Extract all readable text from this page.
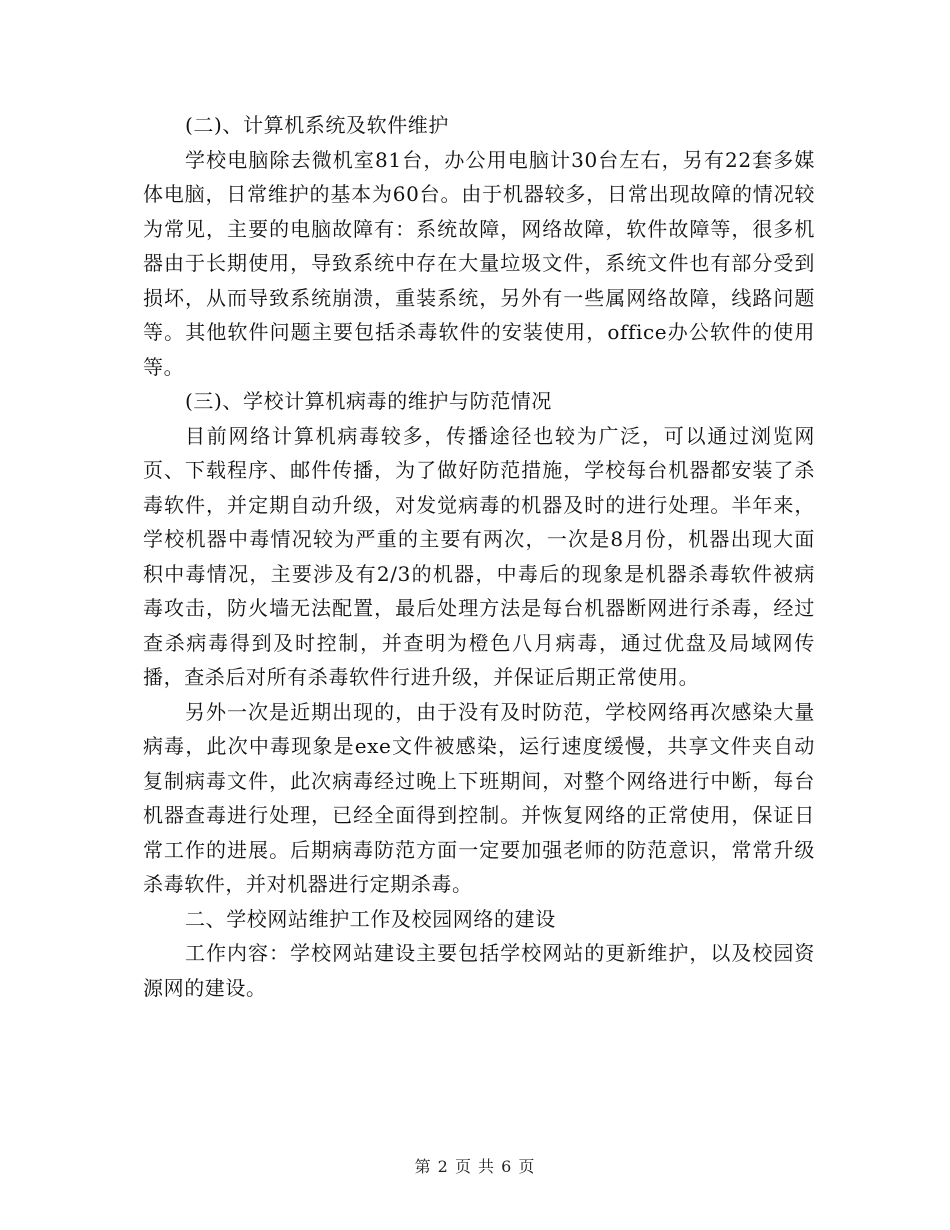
(二)、计算机系统及软件维护

学校电脑除去微机室81台，办公用电脑计30台左右，另有22套多媒体电脑，日常维护的基本为60台。由于机器较多，日常出现故障的情况较为常见，主要的电脑故障有：系统故障，网络故障，软件故障等，很多机器由于长期使用，导致系统中存在大量垃圾文件，系统文件也有部分受到损坏，从而导致系统崩溃，重装系统，另外有一些属网络故障，线路问题等。其他软件问题主要包括杀毒软件的安装使用，office办公软件的使用等。

(三)、学校计算机病毒的维护与防范情况

目前网络计算机病毒较多，传播途径也较为广泛，可以通过浏览网页、下载程序、邮件传播，为了做好防范措施，学校每台机器都安装了杀毒软件，并定期自动升级，对发觉病毒的机器及时的进行处理。半年来，学校机器中毒情况较为严重的主要有两次，一次是8月份，机器出现大面积中毒情况，主要涉及有2/3的机器，中毒后的现象是机器杀毒软件被病毒攻击，防火墙无法配置，最后处理方法是每台机器断网进行杀毒，经过查杀病毒得到及时控制，并查明为橙色八月病毒，通过优盘及局域网传播，查杀后对所有杀毒软件行进升级，并保证后期正常使用。

另外一次是近期出现的，由于没有及时防范，学校网络再次感染大量病毒，此次中毒现象是exe文件被感染，运行速度缓慢，共享文件夹自动复制病毒文件，此次病毒经过晚上下班期间，对整个网络进行中断，每台机器查毒进行处理，已经全面得到控制。并恢复网络的正常使用，保证日常工作的进展。后期病毒防范方面一定要加强老师的防范意识，常常升级杀毒软件，并对机器进行定期杀毒。

二、学校网站维护工作及校园网络的建设

工作内容：学校网站建设主要包括学校网站的更新维护，以及校园资源网的建设。

第 2 页 共 6 页
